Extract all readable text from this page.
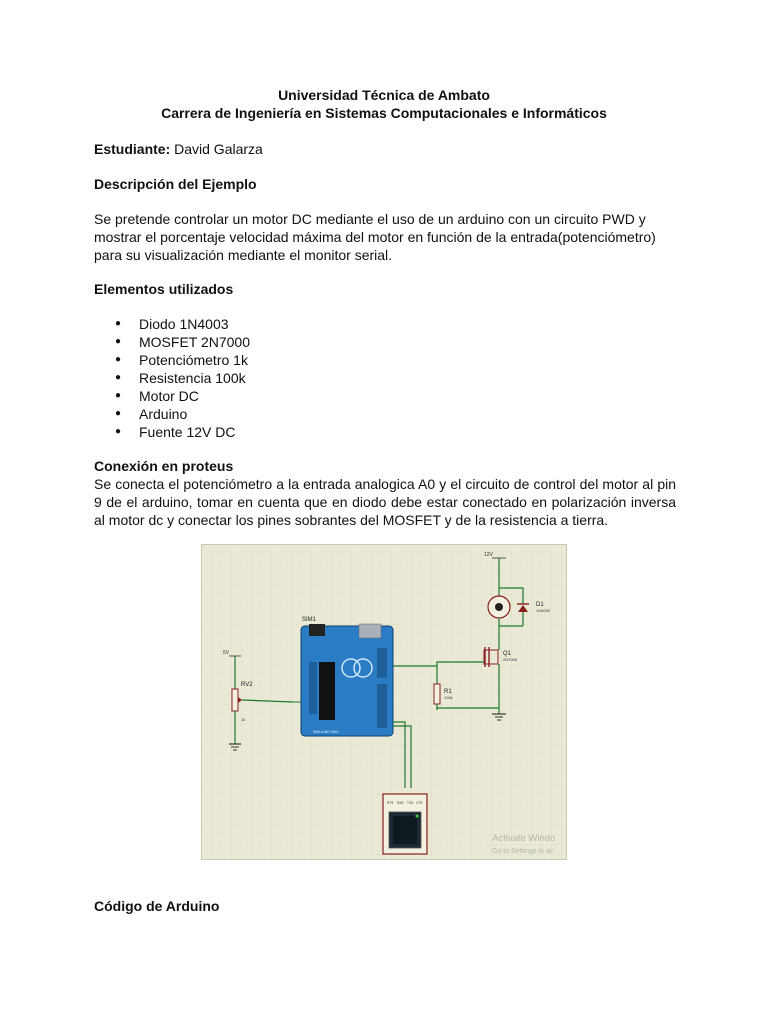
Universidad Técnica de Ambato
Carrera de Ingeniería en Sistemas Computacionales e Informáticos
Estudiante: David Galarza
Descripción del Ejemplo
Se pretende controlar un motor DC mediante el uso de un arduino con un circuito PWD y mostrar el porcentaje velocidad máxima del motor en función de la entrada(potenciómetro) para su visualización mediante el monitor serial.
Elementos utilizados
● Diodo 1N4003
● MOSFET 2N7000
● Potenciómetro 1k
● Resistencia 100k
● Motor DC
● Arduino
● Fuente 12V DC
Conexión en proteus
Se conecta el potenciómetro a la entrada analogica A0 y el circuito de control del motor al pin 9 de el arduino, tomar en cuenta que en diodo debe estar conectado en polarización inversa al motor dc y conectar los pines sobrantes del MOSFET y de la resistencia a tierra.
12V
D1
1N4003
Q1
2N7000
R1
100k
SIM1
SIMULINO UNO
5V
RV2
1k
RTS RXD TXD CTS
Activate Windo
Go to Settings to ac
Código de Arduino
